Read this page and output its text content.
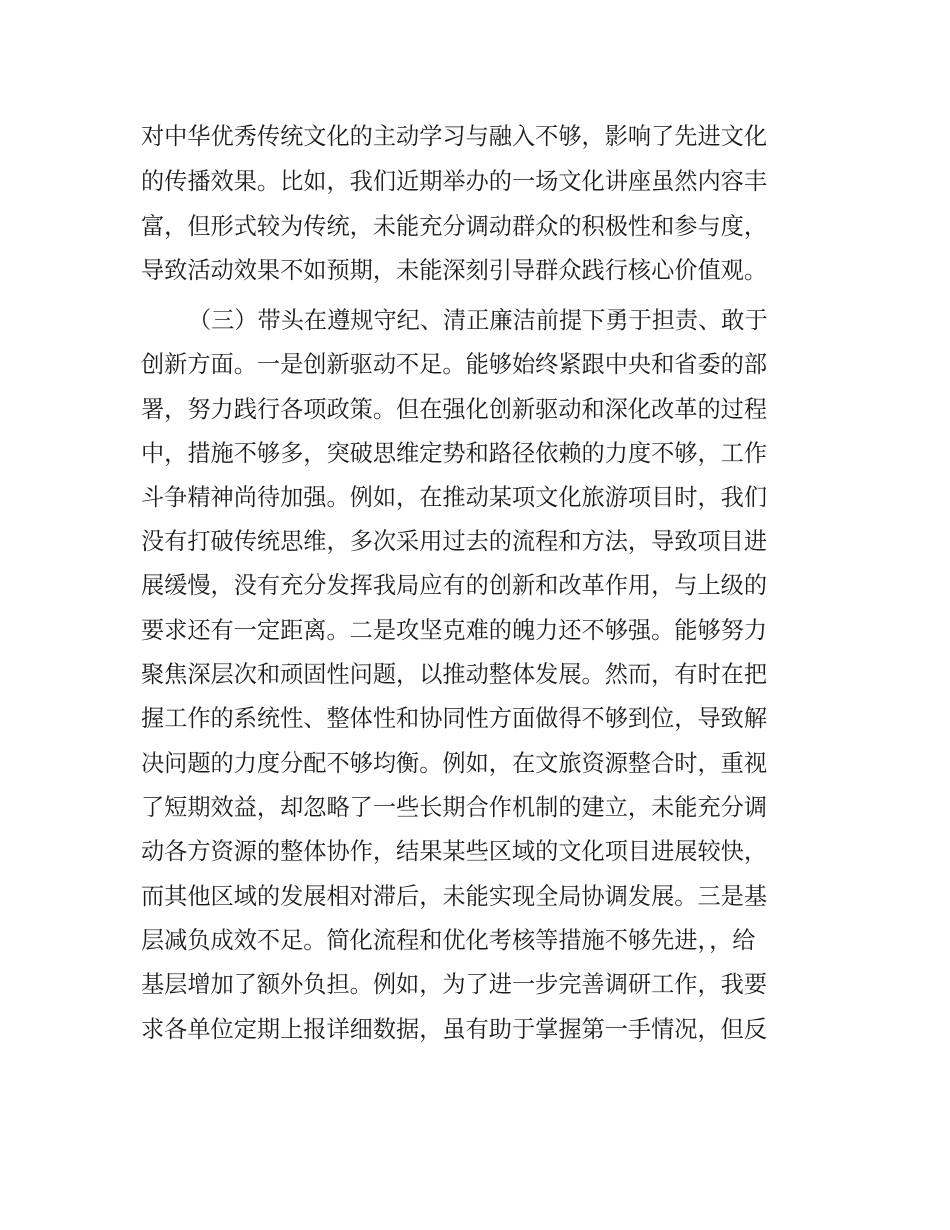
对中华优秀传统文化的主动学习与融入不够，影响了先进文化
的传播效果。比如，我们近期举办的一场文化讲座虽然内容丰
富，但形式较为传统，未能充分调动群众的积极性和参与度，
导致活动效果不如预期，未能深刻引导群众践行核心价值观。
（三）带头在遵规守纪、清正廉洁前提下勇于担责、敢于
创新方面。一是创新驱动不足。能够始终紧跟中央和省委的部
署，努力践行各项政策。但在强化创新驱动和深化改革的过程
中，措施不够多，突破思维定势和路径依赖的力度不够，工作
斗争精神尚待加强。例如，在推动某项文化旅游项目时，我们
没有打破传统思维，多次采用过去的流程和方法，导致项目进
展缓慢，没有充分发挥我局应有的创新和改革作用，与上级的
要求还有一定距离。二是攻坚克难的魄力还不够强。能够努力
聚焦深层次和顽固性问题，以推动整体发展。然而，有时在把
握工作的系统性、整体性和协同性方面做得不够到位，导致解
决问题的力度分配不够均衡。例如，在文旅资源整合时，重视
了短期效益，却忽略了一些长期合作机制的建立，未能充分调
动各方资源的整体协作，结果某些区域的文化项目进展较快，
而其他区域的发展相对滞后，未能实现全局协调发展。三是基
层减负成效不足。简化流程和优化考核等措施不够先进，，给
基层增加了额外负担。例如，为了进一步完善调研工作，我要
求各单位定期上报详细数据，虽有助于掌握第一手情况，但反
